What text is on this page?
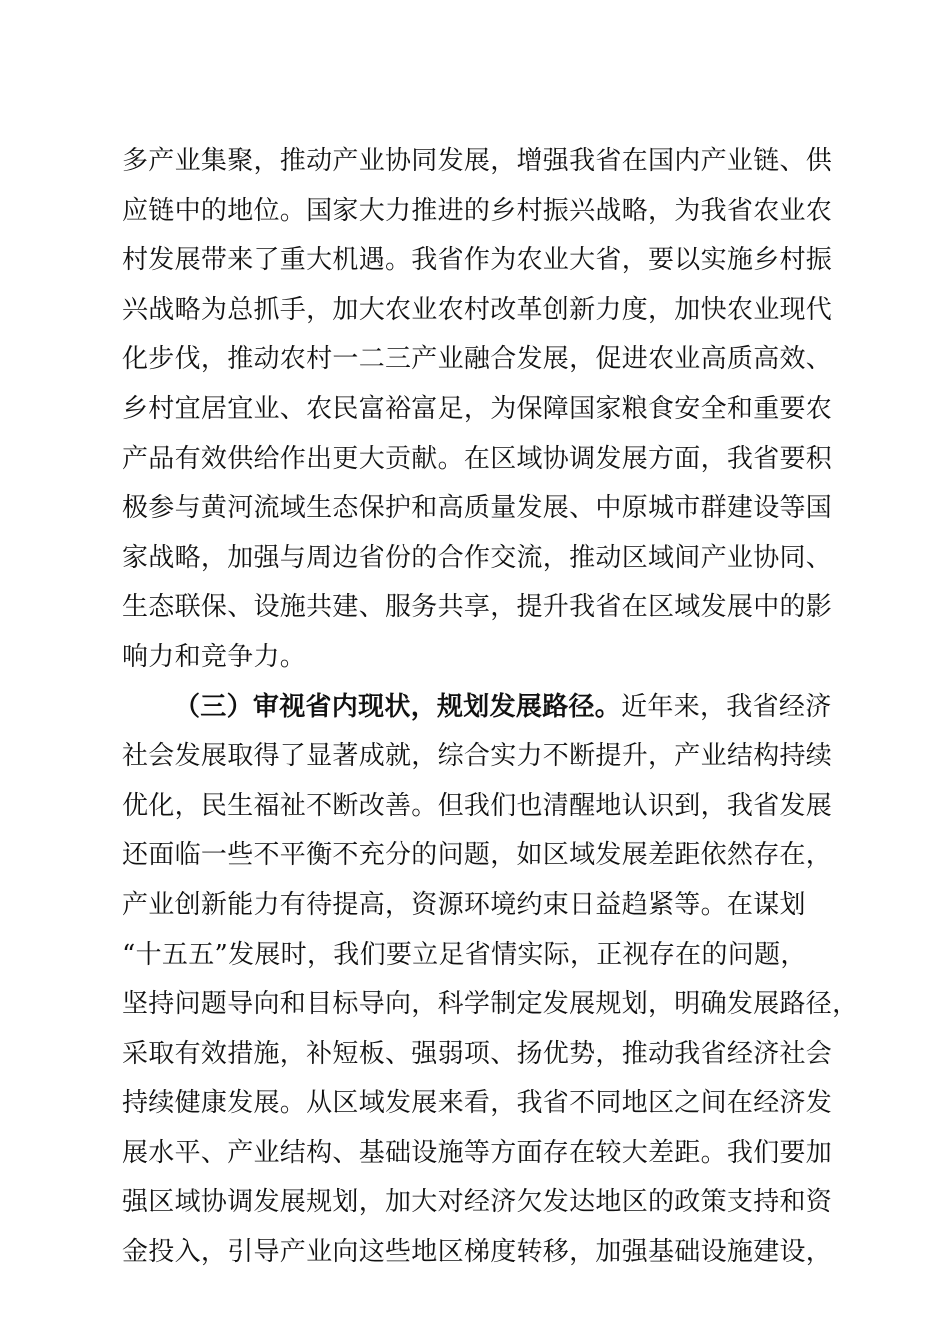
多产业集聚，推动产业协同发展，增强我省在国内产业链、供
应链中的地位。国家大力推进的乡村振兴战略，为我省农业农
村发展带来了重大机遇。我省作为农业大省，要以实施乡村振
兴战略为总抓手，加大农业农村改革创新力度，加快农业现代
化步伐，推动农村一二三产业融合发展，促进农业高质高效、
乡村宜居宜业、农民富裕富足，为保障国家粮食安全和重要农
产品有效供给作出更大贡献。在区域协调发展方面，我省要积
极参与黄河流域生态保护和高质量发展、中原城市群建设等国
家战略，加强与周边省份的合作交流，推动区域间产业协同、
生态联保、设施共建、服务共享，提升我省在区域发展中的影
响力和竞争力。
（三）审视省内现状，规划发展路径。近年来，我省经济
社会发展取得了显著成就，综合实力不断提升，产业结构持续
优化，民生福祉不断改善。但我们也清醒地认识到，我省发展
还面临一些不平衡不充分的问题，如区域发展差距依然存在，
产业创新能力有待提高，资源环境约束日益趋紧等。在谋划
“十五五”发展时，我们要立足省情实际，正视存在的问题，
坚持问题导向和目标导向，科学制定发展规划，明确发展路径，
采取有效措施，补短板、强弱项、扬优势，推动我省经济社会
持续健康发展。从区域发展来看，我省不同地区之间在经济发
展水平、产业结构、基础设施等方面存在较大差距。我们要加
强区域协调发展规划，加大对经济欠发达地区的政策支持和资
金投入，引导产业向这些地区梯度转移，加强基础设施建设，
